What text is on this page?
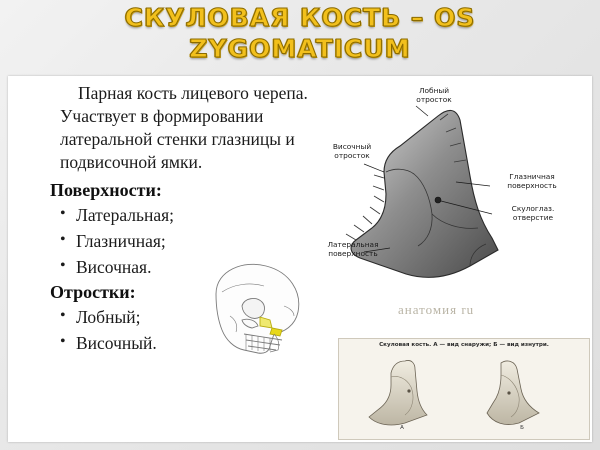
СКУЛОВАЯ КОСТЬ – OS
ZYGOMATICUM

Парная кость лицевого черепа. Участвует в формировании латеральной стенки глазницы и подвисочной ямки.

Поверхности:
• Латеральная;
• Глазничная;
• Височная.
Отростки:
• Лобный;
• Височный.
Лобный отросток
Височный отросток
Глазничная поверхность
Скулоглаз. отверстие
Латеральная поверхность
анатомия ru
Скуловая кость. А — вид снаружи; Б — вид изнутри.
А	Б
